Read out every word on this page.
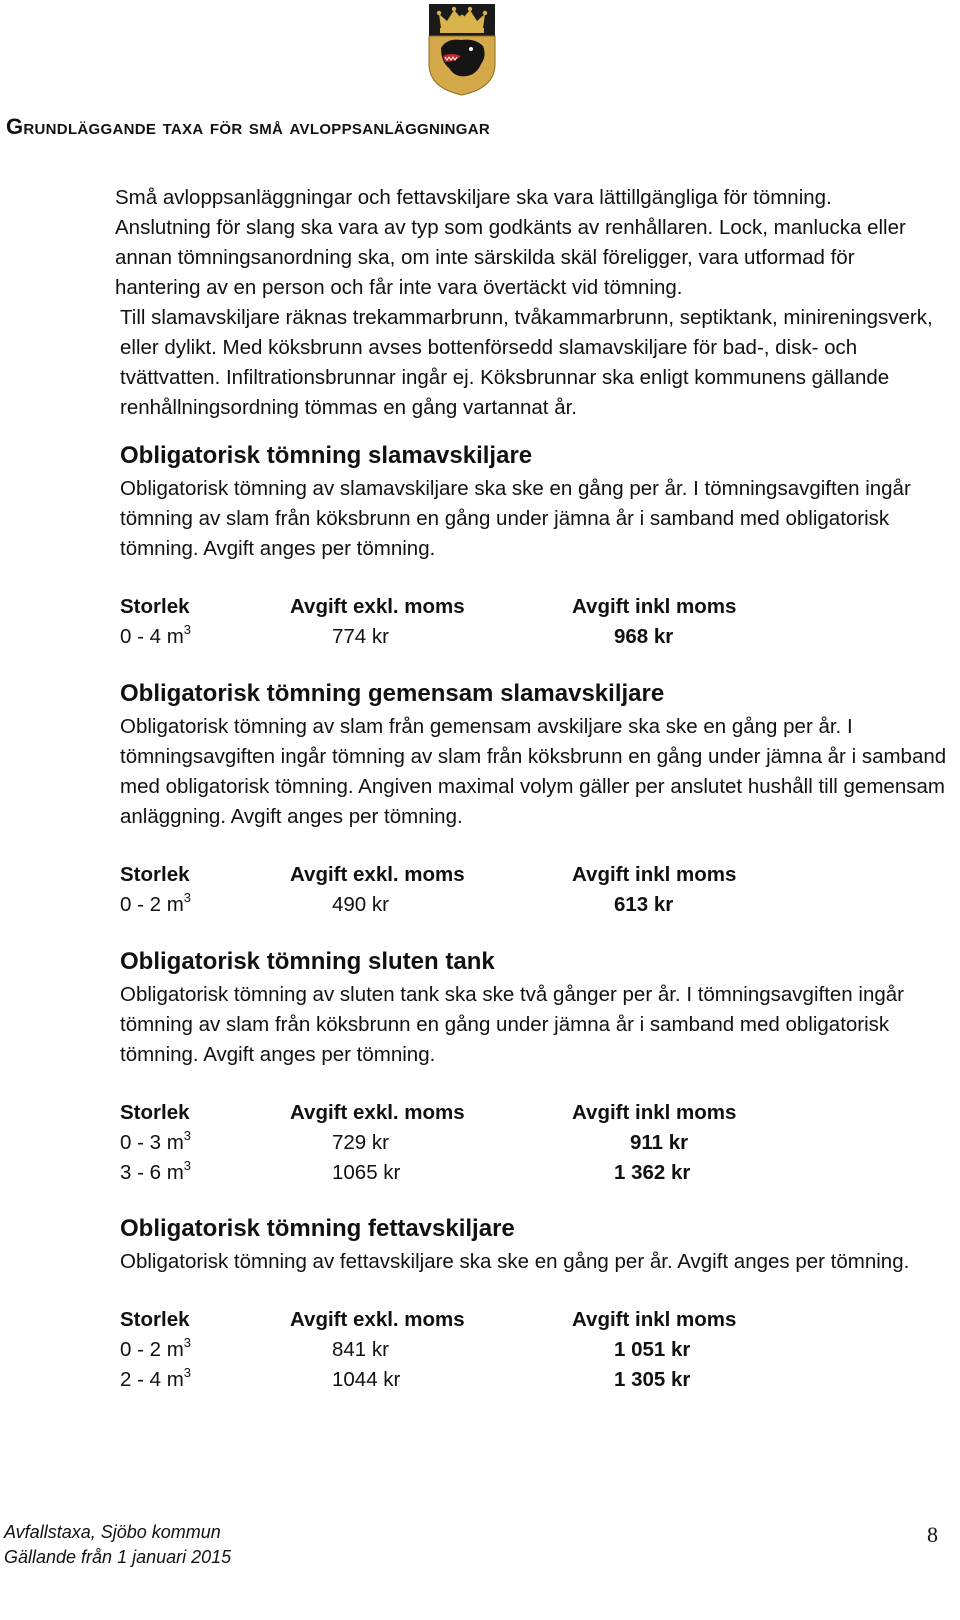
Grundläggande taxa för små avloppsanläggningar
Små avloppsanläggningar och fettavskiljare ska vara lättillgängliga för tömning. Anslutning för slang ska vara av typ som godkänts av renhållaren. Lock, manlucka eller annan tömningsanordning ska, om inte särskilda skäl föreligger, vara utformad för hantering av en person och får inte vara övertäckt vid tömning.
Till slamavskiljare räknas trekammarbrunn, tvåkammarbrunn, septiktank, minireningsverk, eller dylikt. Med köksbrunn avses bottenförsedd slamavskiljare för bad-, disk- och tvättvatten. Infiltrationsbrunnar ingår ej. Köksbrunnar ska enligt kommunens gällande renhållningsordning tömmas en gång vartannat år.
Obligatorisk tömning slamavskiljare

Obligatorisk tömning av slamavskiljare ska ske en gång per år. I tömningsavgiften ingår tömning av slam från köksbrunn en gång under jämna år i samband med obligatorisk tömning. Avgift anges per tömning.

Storlek	Avgift exkl. moms	Avgift inkl moms
0 - 4 $m^3$	774 kr	968 kr
Obligatorisk tömning gemensam slamavskiljare

Obligatorisk tömning av slam från gemensam avskiljare ska ske en gång per år. I tömningsavgiften ingår tömning av slam från köksbrunn en gång under jämna år i samband med obligatorisk tömning. Angiven maximal volym gäller per anslutet hushåll till gemensam anläggning. Avgift anges per tömning.

Storlek	Avgift exkl. moms	Avgift inkl moms
0 - 2 $m^3$	490 kr	613 kr
Obligatorisk tömning sluten tank

Obligatorisk tömning av sluten tank ska ske två gånger per år. I tömningsavgiften ingår tömning av slam från köksbrunn en gång under jämna år i samband med obligatorisk tömning. Avgift anges per tömning.

Storlek	Avgift exkl. moms	Avgift inkl moms
0 - 3 $m^3$	729 kr	911 kr
3 - 6 $m^3$	1065 kr	1 362 kr
Obligatorisk tömning fettavskiljare

Obligatorisk tömning av fettavskiljare ska ske en gång per år. Avgift anges per tömning.

Storlek	Avgift exkl. moms	Avgift inkl moms
0 - 2 $m^3$	841 kr	1 051 kr
2 - 4 $m^3$	1044 kr	1 305 kr
Avfallstaxa, Sjöbo kommun
Gällande från 1 januari 2015
8
